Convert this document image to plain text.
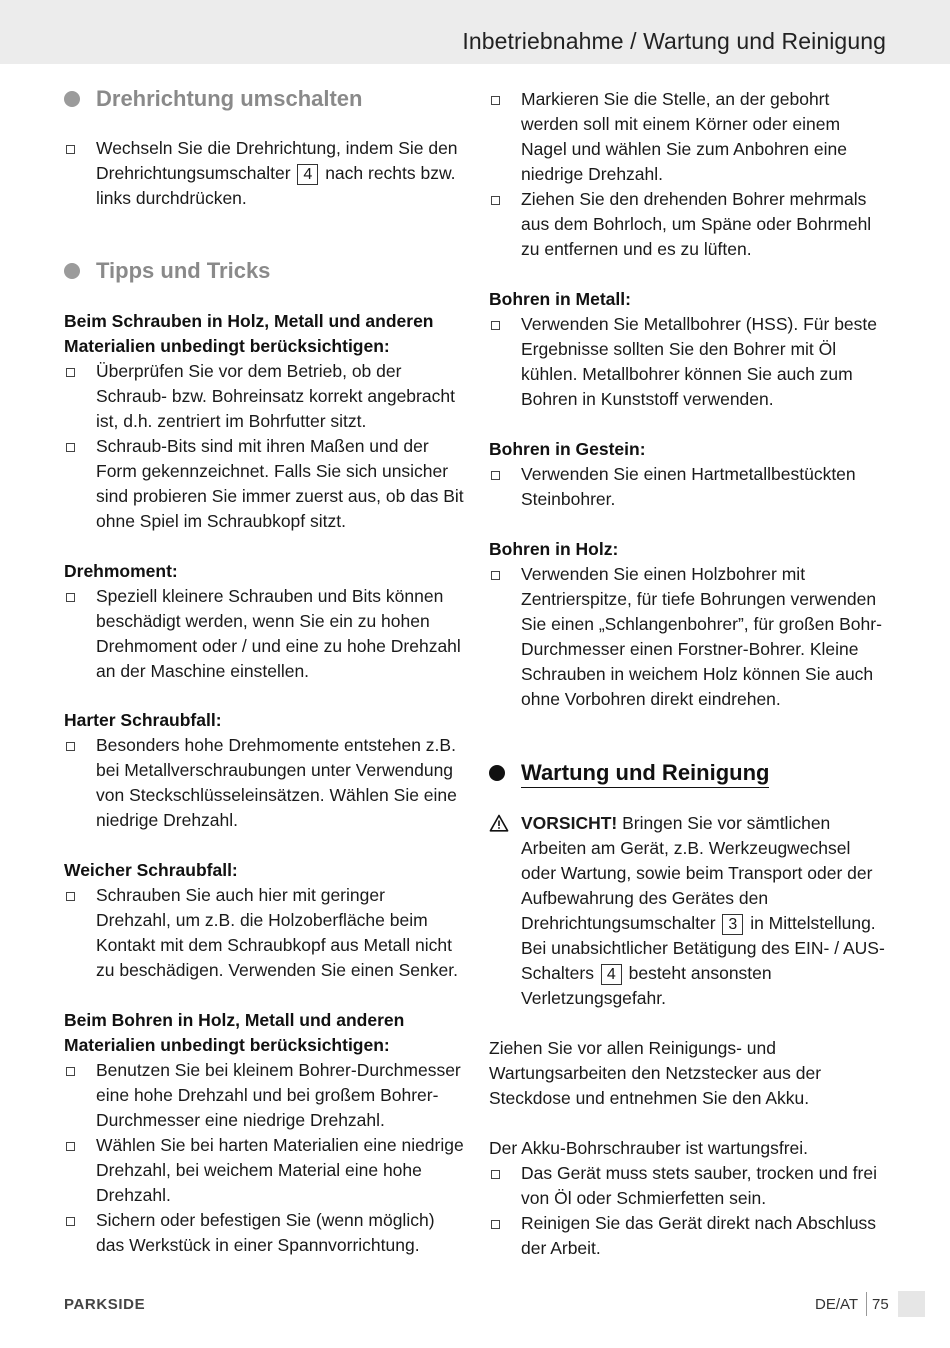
Inbetriebnahme / Wartung und Reinigung
Drehrichtung umschalten
Wechseln Sie die Drehrichtung, indem Sie den Drehrichtungsumschalter 4 nach rechts bzw. links durchdrücken.
Tipps und Tricks
Beim Schrauben in Holz, Metall und anderen Materialien unbedingt berücksichtigen:
Überprüfen Sie vor dem Betrieb, ob der Schraub- bzw. Bohreinsatz korrekt angebracht ist, d.h. zentriert im Bohrfutter sitzt.
Schraub-Bits sind mit ihren Maßen und der Form gekennzeichnet. Falls Sie sich unsicher sind probieren Sie immer zuerst aus, ob das Bit ohne Spiel im Schraubkopf sitzt.
Drehmoment:
Speziell kleinere Schrauben und Bits können beschädigt werden, wenn Sie ein zu hohen Drehmoment oder / und eine zu hohe Drehzahl an der Maschine einstellen.
Harter Schraubfall:
Besonders hohe Drehmomente entstehen z.B. bei Metallverschraubungen unter Verwendung von Steckschlüsseleinsätzen. Wählen Sie eine niedrige Drehzahl.
Weicher Schraubfall:
Schrauben Sie auch hier mit geringer Drehzahl, um z.B. die Holzoberfläche beim Kontakt mit dem Schraubkopf aus Metall nicht zu beschädigen. Verwenden Sie einen Senker.
Beim Bohren in Holz, Metall und anderen Materialien unbedingt berücksichtigen:
Benutzen Sie bei kleinem Bohrer-Durchmesser eine hohe Drehzahl und bei großem Bohrer-Durchmesser eine niedrige Drehzahl.
Wählen Sie bei harten Materialien eine niedrige Drehzahl, bei weichem Material eine hohe Drehzahl.
Sichern oder befestigen Sie (wenn möglich) das Werkstück in einer Spannvorrichtung.
Markieren Sie die Stelle, an der gebohrt werden soll mit einem Körner oder einem Nagel und wählen Sie zum Anbohren eine niedrige Drehzahl.
Ziehen Sie den drehenden Bohrer mehrmals aus dem Bohrloch, um Späne oder Bohrmehl zu entfernen und es zu lüften.
Bohren in Metall:
Verwenden Sie Metallbohrer (HSS). Für beste Ergebnisse sollten Sie den Bohrer mit Öl kühlen. Metallbohrer können Sie auch zum Bohren in Kunststoff verwenden.
Bohren in Gestein:
Verwenden Sie einen Hartmetallbestückten Steinbohrer.
Bohren in Holz:
Verwenden Sie einen Holzbohrer mit Zentrierspitze, für tiefe Bohrungen verwenden Sie einen „Schlangenbohrer”, für großen Bohr-Durchmesser einen Forstner-Bohrer. Kleine Schrauben in weichem Holz können Sie auch ohne Vorbohren direkt eindrehen.
Wartung und Reinigung
VORSICHT! Bringen Sie vor sämtlichen Arbeiten am Gerät, z.B. Werkzeugwechsel oder Wartung, sowie beim Transport oder der Aufbewahrung des Gerätes den Drehrichtungsumschalter 3 in Mittelstellung. Bei unabsichtlicher Betätigung des EIN- / AUS-Schalters 4 besteht ansonsten Verletzungsgefahr.
Ziehen Sie vor allen Reinigungs- und Wartungsarbeiten den Netzstecker aus der Steckdose und entnehmen Sie den Akku.
Der Akku-Bohrschrauber ist wartungsfrei.
Das Gerät muss stets sauber, trocken und frei von Öl oder Schmierfetten sein.
Reinigen Sie das Gerät direkt nach Abschluss der Arbeit.
PARKSIDE	DE/AT 75
